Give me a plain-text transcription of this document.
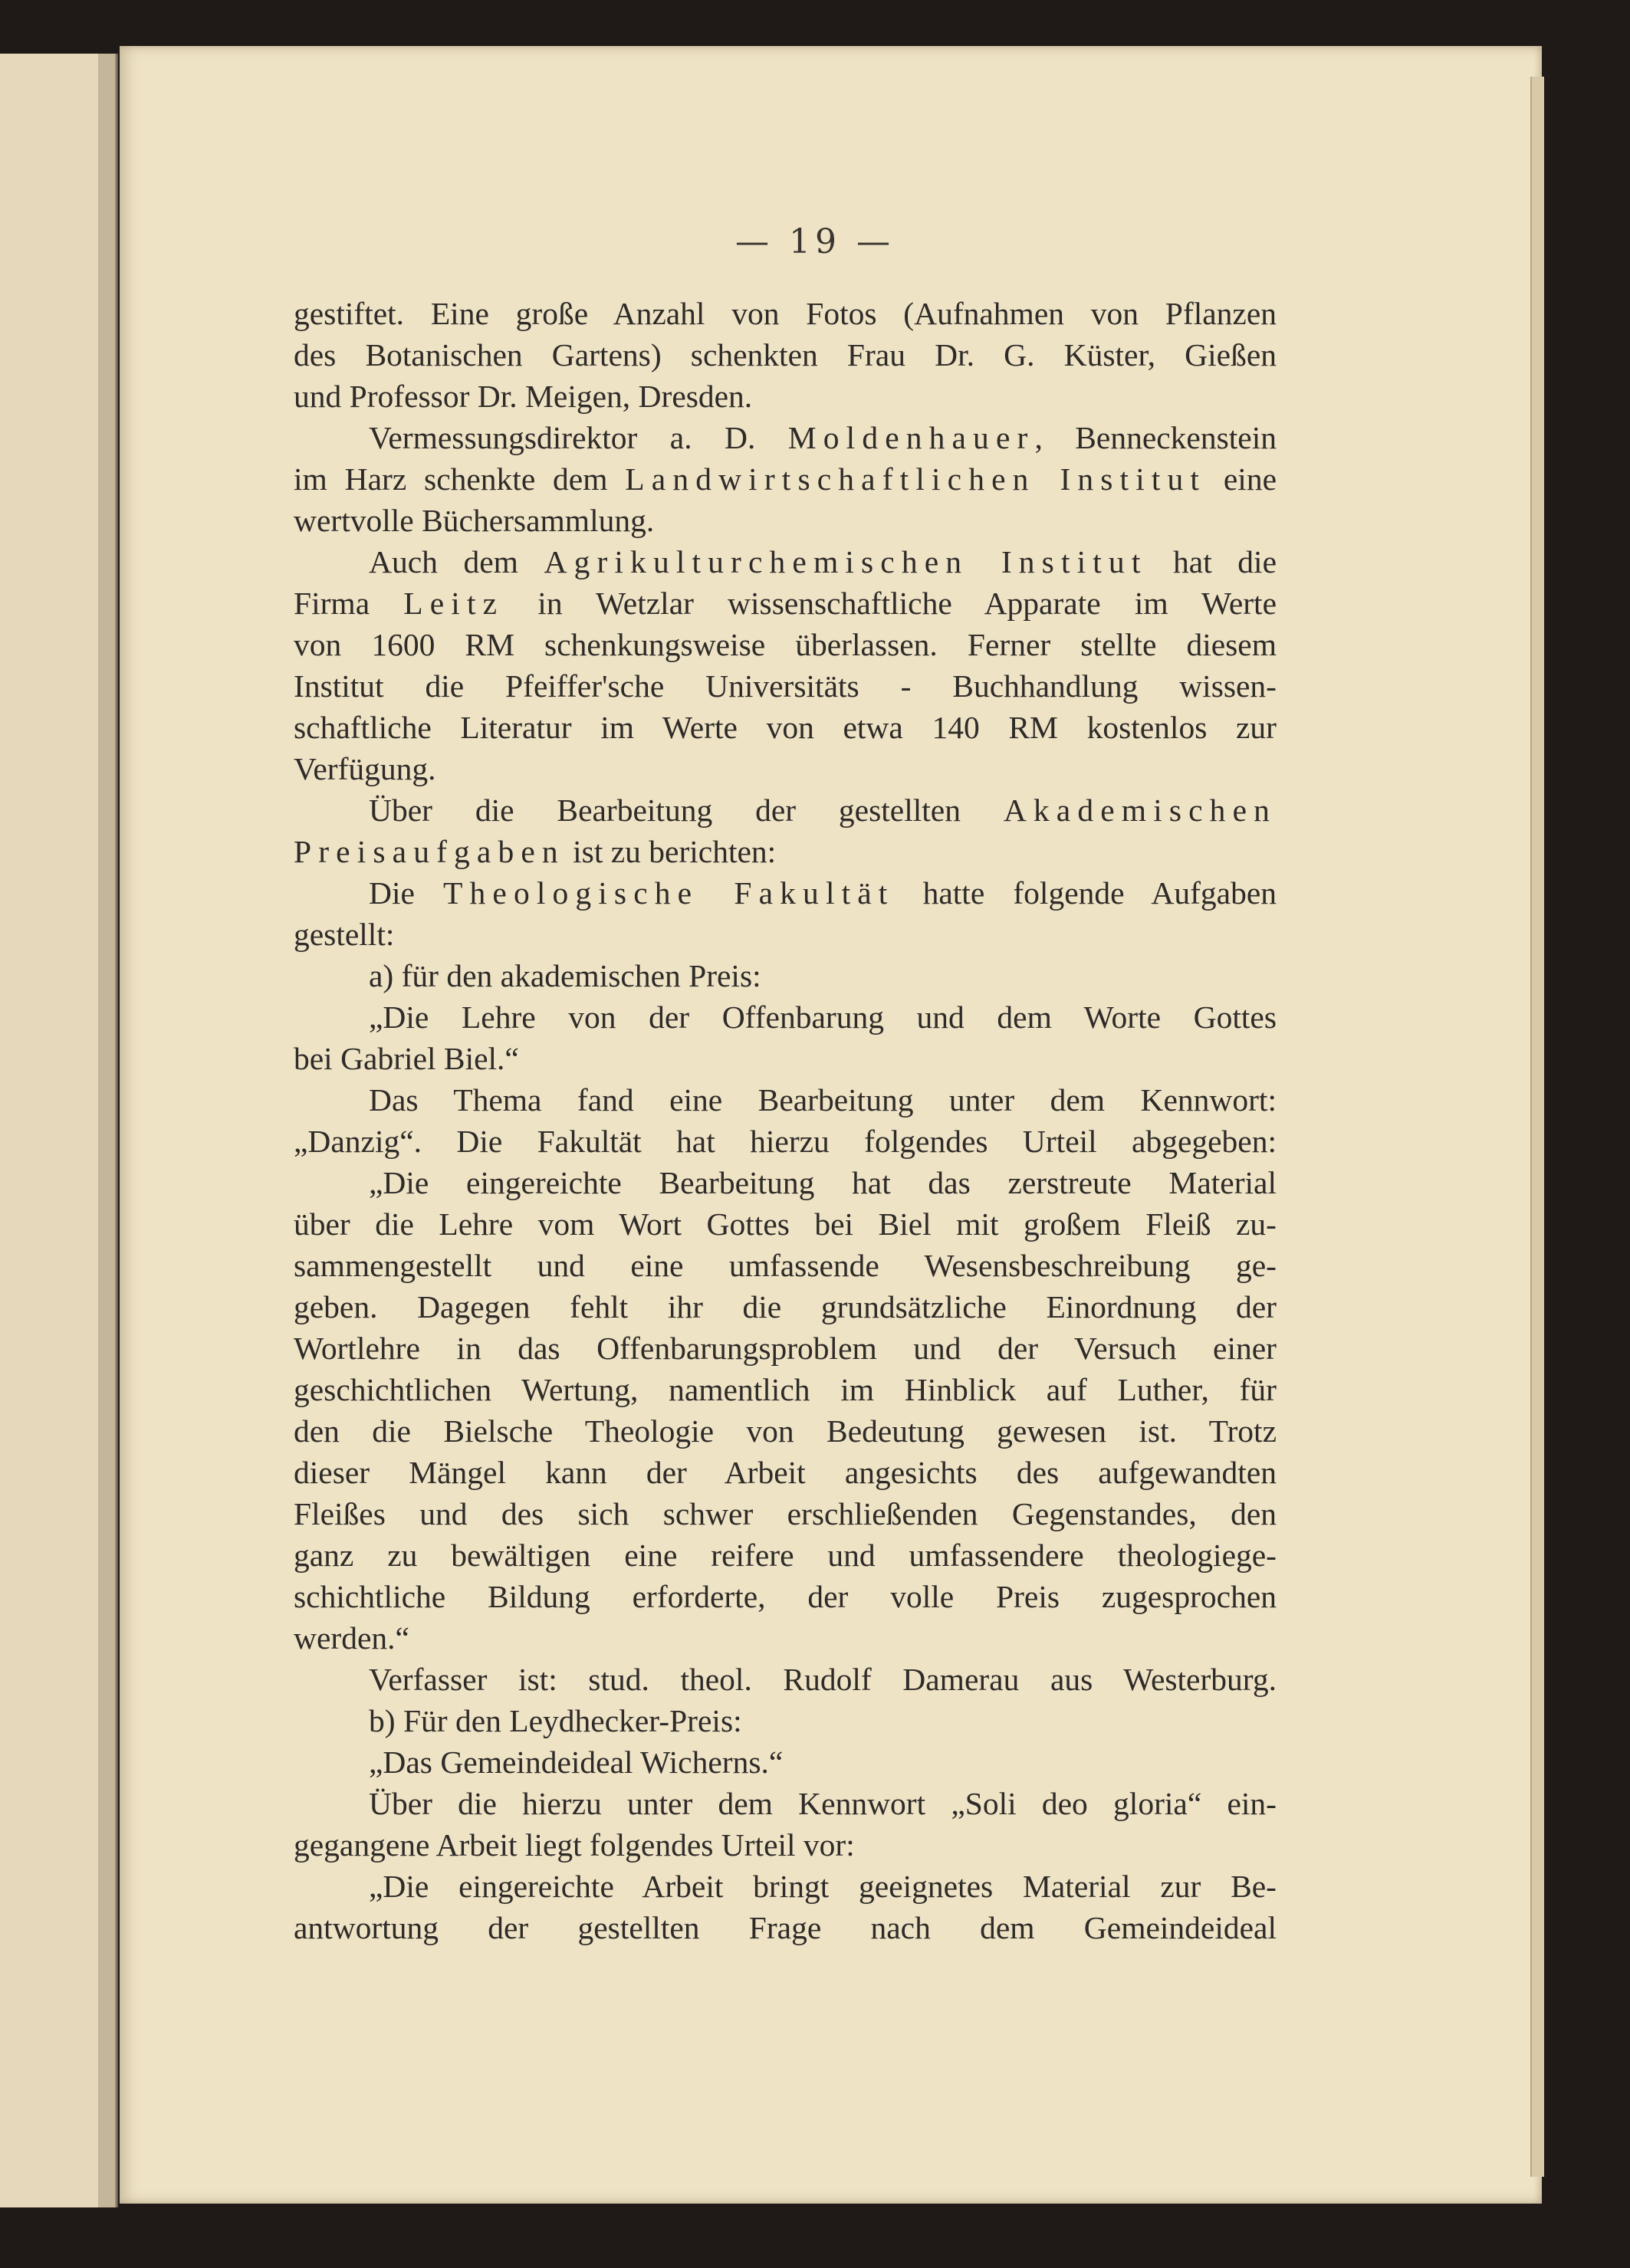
— 19 —
gestiftet. Eine große Anzahl von Fotos (Aufnahmen von Pflanzen
des Botanischen Gartens) schenkten Frau Dr. G. Küster, Gießen
und Professor Dr. Meigen, Dresden.
Vermessungsdirektor a. D. Moldenhauer, Benneckenstein
im Harz schenkte dem Landwirtschaftlichen Institut eine
wertvolle Büchersammlung.
Auch dem Agrikulturchemischen Institut hat die
Firma Leitz in Wetzlar wissenschaftliche Apparate im Werte
von 1600 RM schenkungsweise überlassen. Ferner stellte diesem
Institut die Pfeiffer'sche Universitäts - Buchhandlung wissen-
schaftliche Literatur im Werte von etwa 140 RM kostenlos zur
Verfügung.
Über die Bearbeitung der gestellten Akademischen
Preisaufgaben ist zu berichten:
Die Theologische Fakultät hatte folgende Aufgaben
gestellt:
a) für den akademischen Preis:
„Die Lehre von der Offenbarung und dem Worte Gottes
bei Gabriel Biel.“
Das Thema fand eine Bearbeitung unter dem Kennwort:
„Danzig“. Die Fakultät hat hierzu folgendes Urteil abgegeben:
„Die eingereichte Bearbeitung hat das zerstreute Material
über die Lehre vom Wort Gottes bei Biel mit großem Fleiß zu-
sammengestellt und eine umfassende Wesensbeschreibung ge-
geben. Dagegen fehlt ihr die grundsätzliche Einordnung der
Wortlehre in das Offenbarungsproblem und der Versuch einer
geschichtlichen Wertung, namentlich im Hinblick auf Luther, für
den die Bielsche Theologie von Bedeutung gewesen ist. Trotz
dieser Mängel kann der Arbeit angesichts des aufgewandten
Fleißes und des sich schwer erschließenden Gegenstandes, den
ganz zu bewältigen eine reifere und umfassendere theologiege-
schichtliche Bildung erforderte, der volle Preis zugesprochen
werden.“
Verfasser ist: stud. theol. Rudolf Damerau aus Westerburg.
b) Für den Leydhecker-Preis:
„Das Gemeindeideal Wicherns.“
Über die hierzu unter dem Kennwort „Soli deo gloria“ ein-
gegangene Arbeit liegt folgendes Urteil vor:
„Die eingereichte Arbeit bringt geeignetes Material zur Be-
antwortung der gestellten Frage nach dem Gemeindeideal
